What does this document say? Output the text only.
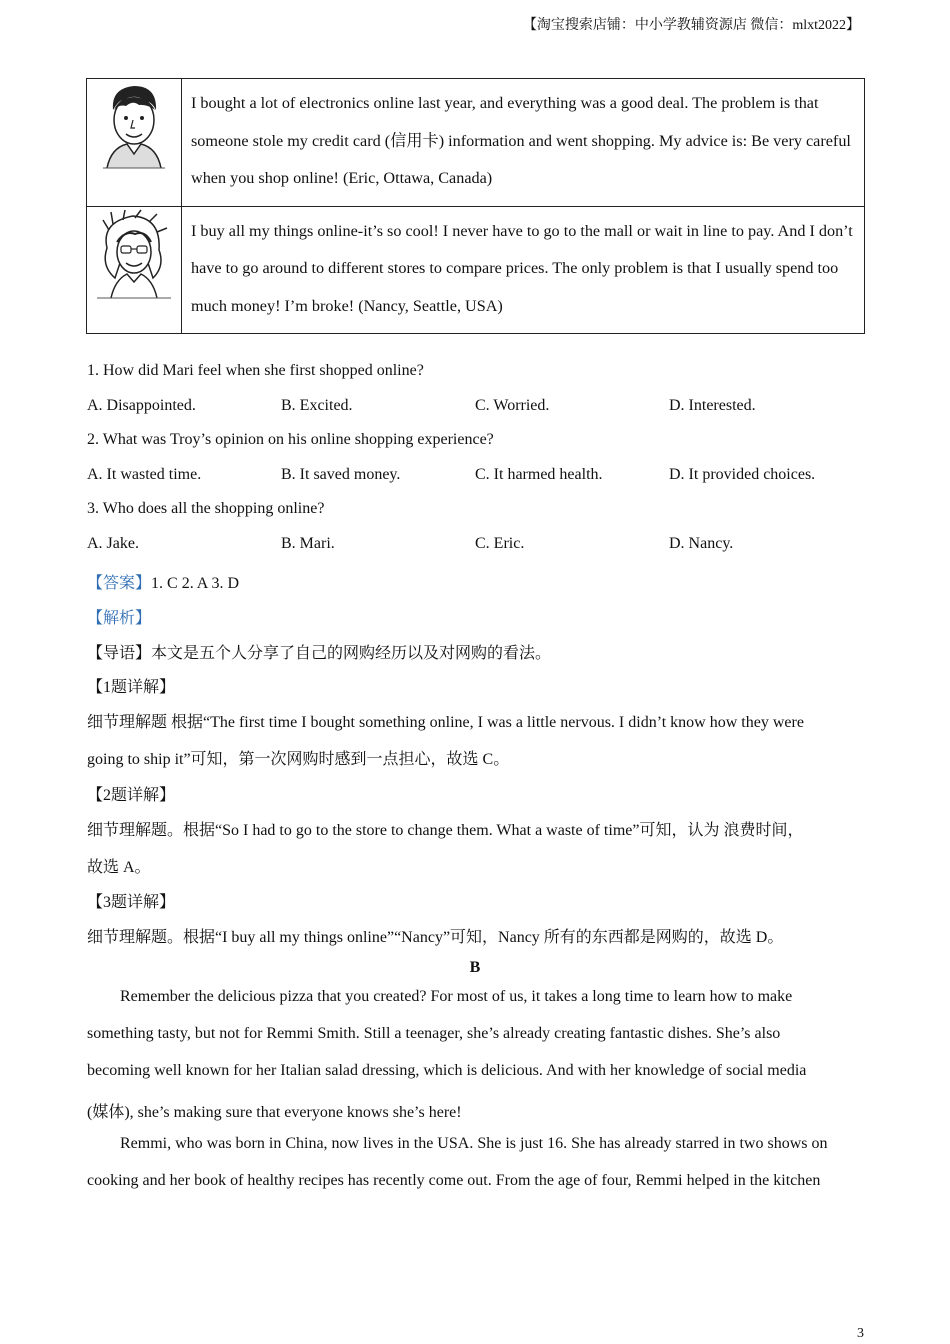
【淘宝搜索店铺：中小学教辅资源店 微信：mlxt2022】
	I bought a lot of electronics online last year, and everything was a good deal. The problem is that someone stole my credit card (信用卡) information and went shopping. My advice is: Be very careful when you shop online! (Eric, Ottawa, Canada)
	I buy all my things online-it’s so cool! I never have to go to the mall or wait in line to pay. And I don’t have to go around to different stores to compare prices. The only problem is that I usually spend too much money! I’m broke! (Nancy, Seattle, USA)
1. How did Mari feel when she first shopped online?
A. Disappointed.	B. Excited.	C. Worried.	D. Interested.
2. What was Troy’s opinion on his online shopping experience?
A. It wasted time.	B. It saved money.	C. It harmed health.	D. It provided choices.
3. Who does all the shopping online?
A. Jake.	B. Mari.	C. Eric.	D. Nancy.
【答案】1. C 2. A 3. D
【解析】
【导语】本文是五个人分享了自己的网购经历以及对网购的看法。
【1题详解】
细节理解题 根据“The first time I bought something online, I was a little nervous. I didn’t know how they were
going to ship it”可知，第一次网购时感到一点担心，故选 C。
【2题详解】
细节理解题。根据“So I had to go to the store to change them. What a waste of time”可知，认为 浪费时间，
故选 A。
【3题详解】
细节理解题。根据“I buy all my things online”“Nancy”可知，Nancy 所有的东西都是网购的，故选 D。
B
Remember the delicious pizza that you created? For most of us, it takes a long time to learn how to make
something tasty, but not for Remmi Smith. Still a teenager, she’s already creating fantastic dishes. She’s also
becoming well known for her Italian salad dressing, which is delicious. And with her knowledge of social media
(媒体), she’s making sure that everyone knows she’s here!
Remmi, who was born in China, now lives in the USA. She is just 16. She has already starred in two shows on
cooking and her book of healthy recipes has recently come out. From the age of four, Remmi helped in the kitchen
3
